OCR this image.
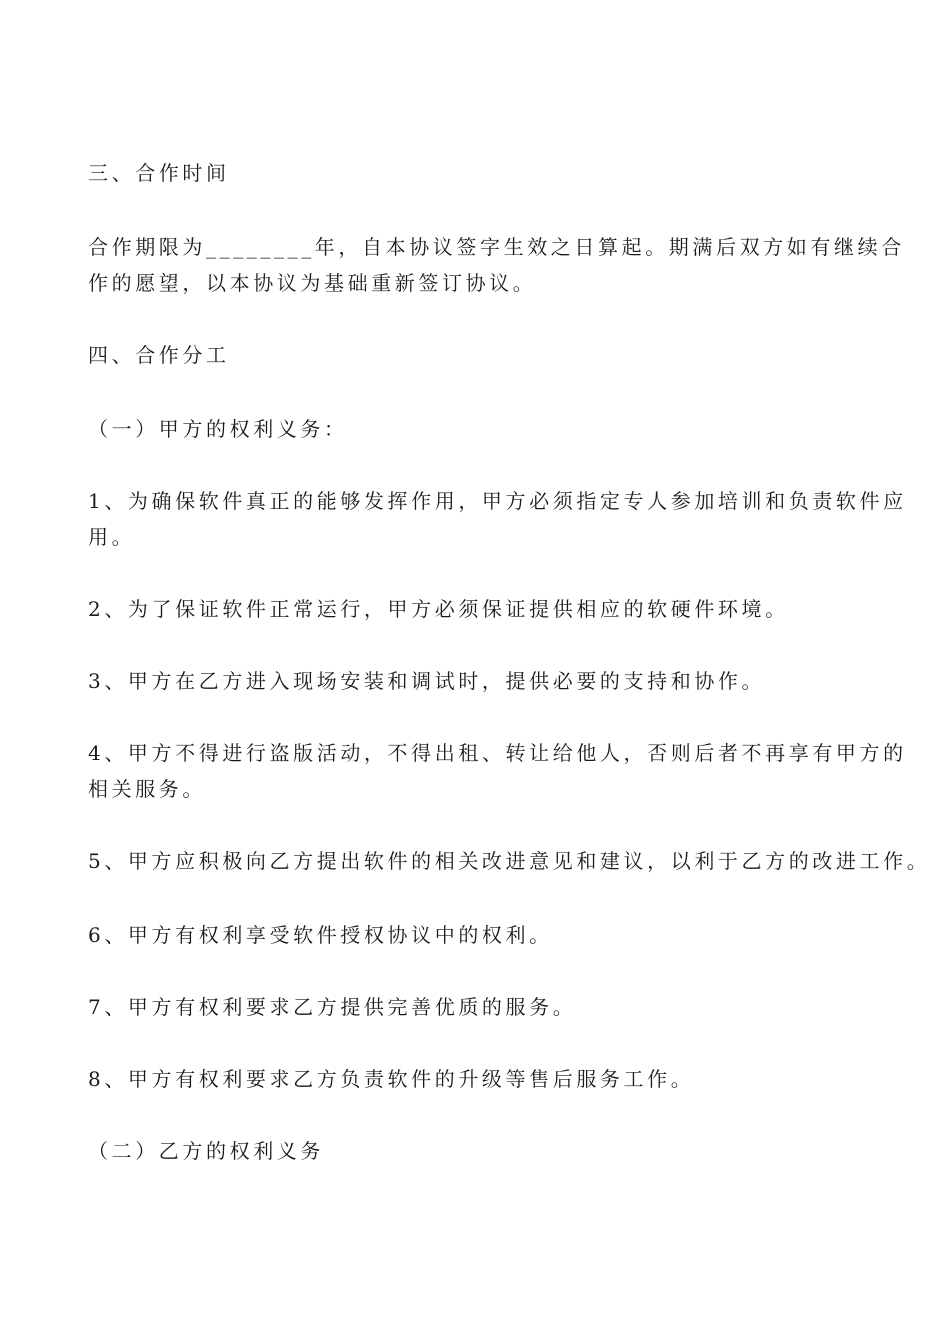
三、合作时间
合作期限为________年，自本协议签字生效之日算起。期满后双方如有继续合
作的愿望，以本协议为基础重新签订协议。
四、合作分工
（一）甲方的权利义务：
1、为确保软件真正的能够发挥作用，甲方必须指定专人参加培训和负责软件应
用。
2、为了保证软件正常运行，甲方必须保证提供相应的软硬件环境。
3、甲方在乙方进入现场安装和调试时，提供必要的支持和协作。
4、甲方不得进行盗版活动，不得出租、转让给他人，否则后者不再享有甲方的
相关服务。
5、甲方应积极向乙方提出软件的相关改进意见和建议，以利于乙方的改进工作。
6、甲方有权利享受软件授权协议中的权利。
7、甲方有权利要求乙方提供完善优质的服务。
8、甲方有权利要求乙方负责软件的升级等售后服务工作。
（二）乙方的权利义务
